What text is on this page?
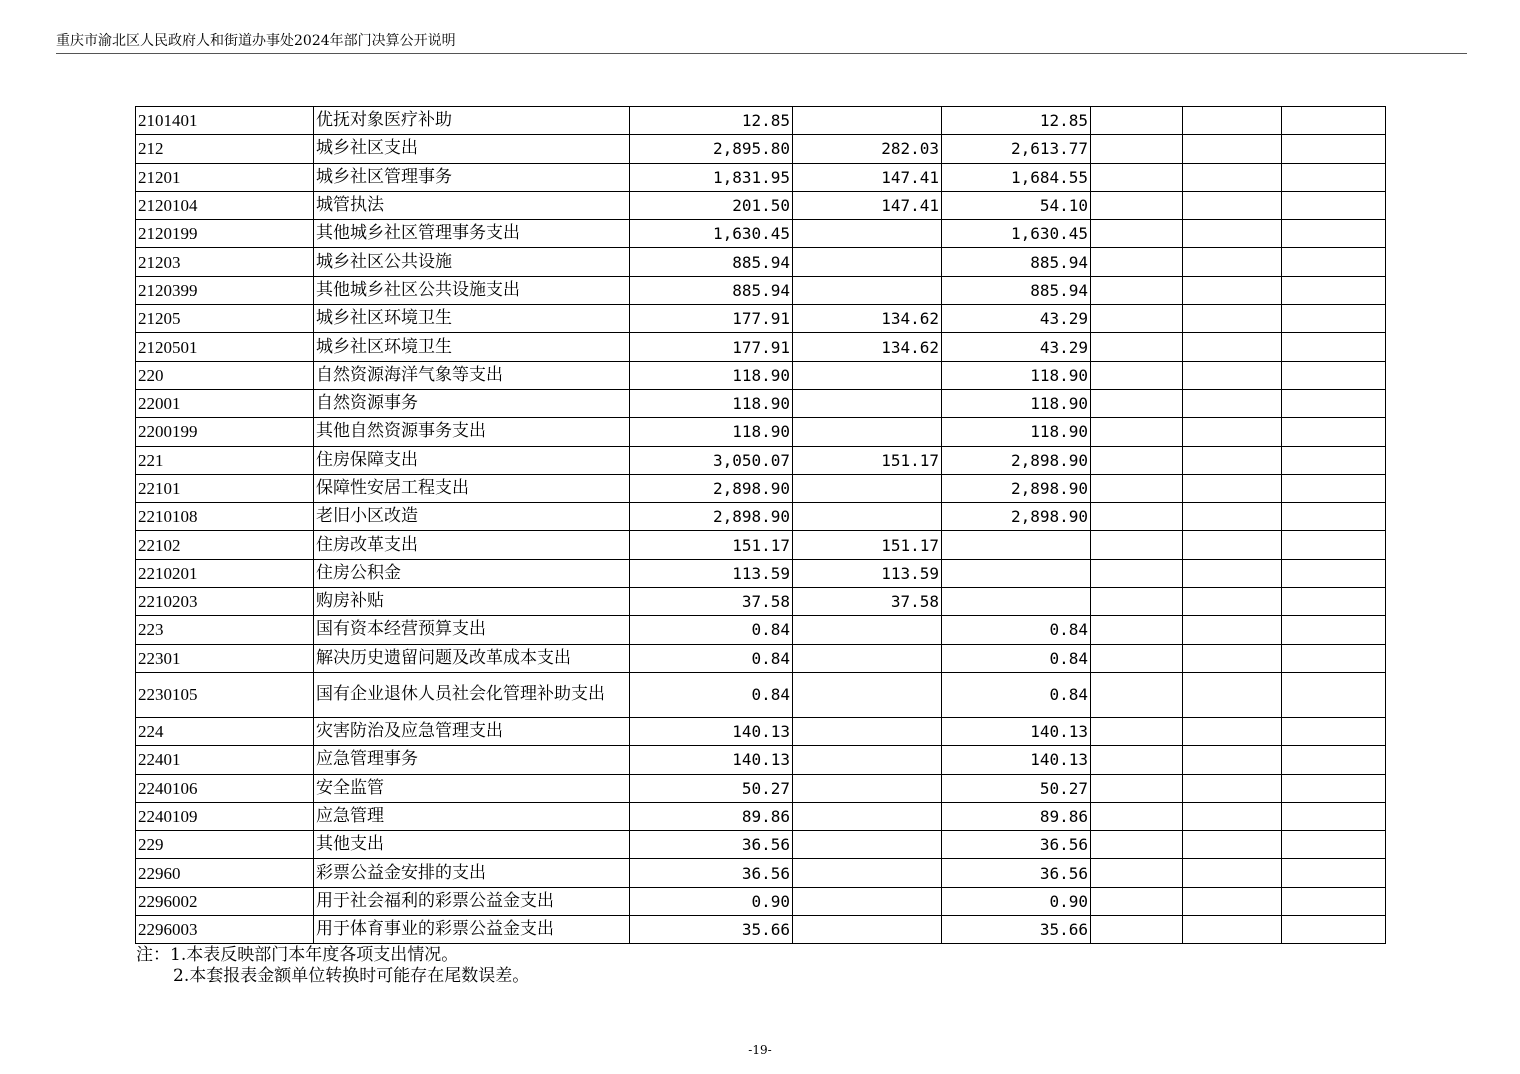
重庆市渝北区人民政府人和街道办事处2024年部门决算公开说明
2101401	优抚对象医疗补助	12.85		12.85			
212	城乡社区支出	2,895.80	282.03	2,613.77			
21201	城乡社区管理事务	1,831.95	147.41	1,684.55			
2120104	城管执法	201.50	147.41	54.10			
2120199	其他城乡社区管理事务支出	1,630.45		1,630.45			
21203	城乡社区公共设施	885.94		885.94			
2120399	其他城乡社区公共设施支出	885.94		885.94			
21205	城乡社区环境卫生	177.91	134.62	43.29			
2120501	城乡社区环境卫生	177.91	134.62	43.29			
220	自然资源海洋气象等支出	118.90		118.90			
22001	自然资源事务	118.90		118.90			
2200199	其他自然资源事务支出	118.90		118.90			
221	住房保障支出	3,050.07	151.17	2,898.90			
22101	保障性安居工程支出	2,898.90		2,898.90			
2210108	老旧小区改造	2,898.90		2,898.90			
22102	住房改革支出	151.17	151.17				
2210201	住房公积金	113.59	113.59				
2210203	购房补贴	37.58	37.58				
223	国有资本经营预算支出	0.84		0.84			
22301	解决历史遗留问题及改革成本支出	0.84		0.84			
2230105	国有企业退休人员社会化管理补助支出	0.84		0.84			
224	灾害防治及应急管理支出	140.13		140.13			
22401	应急管理事务	140.13		140.13			
2240106	安全监管	50.27		50.27			
2240109	应急管理	89.86		89.86			
229	其他支出	36.56		36.56			
22960	彩票公益金安排的支出	36.56		36.56			
2296002	用于社会福利的彩票公益金支出	0.90		0.90			
2296003	用于体育事业的彩票公益金支出	35.66		35.66			
注：1.本表反映部门本年度各项支出情况。
2.本套报表金额单位转换时可能存在尾数误差。
-19-
